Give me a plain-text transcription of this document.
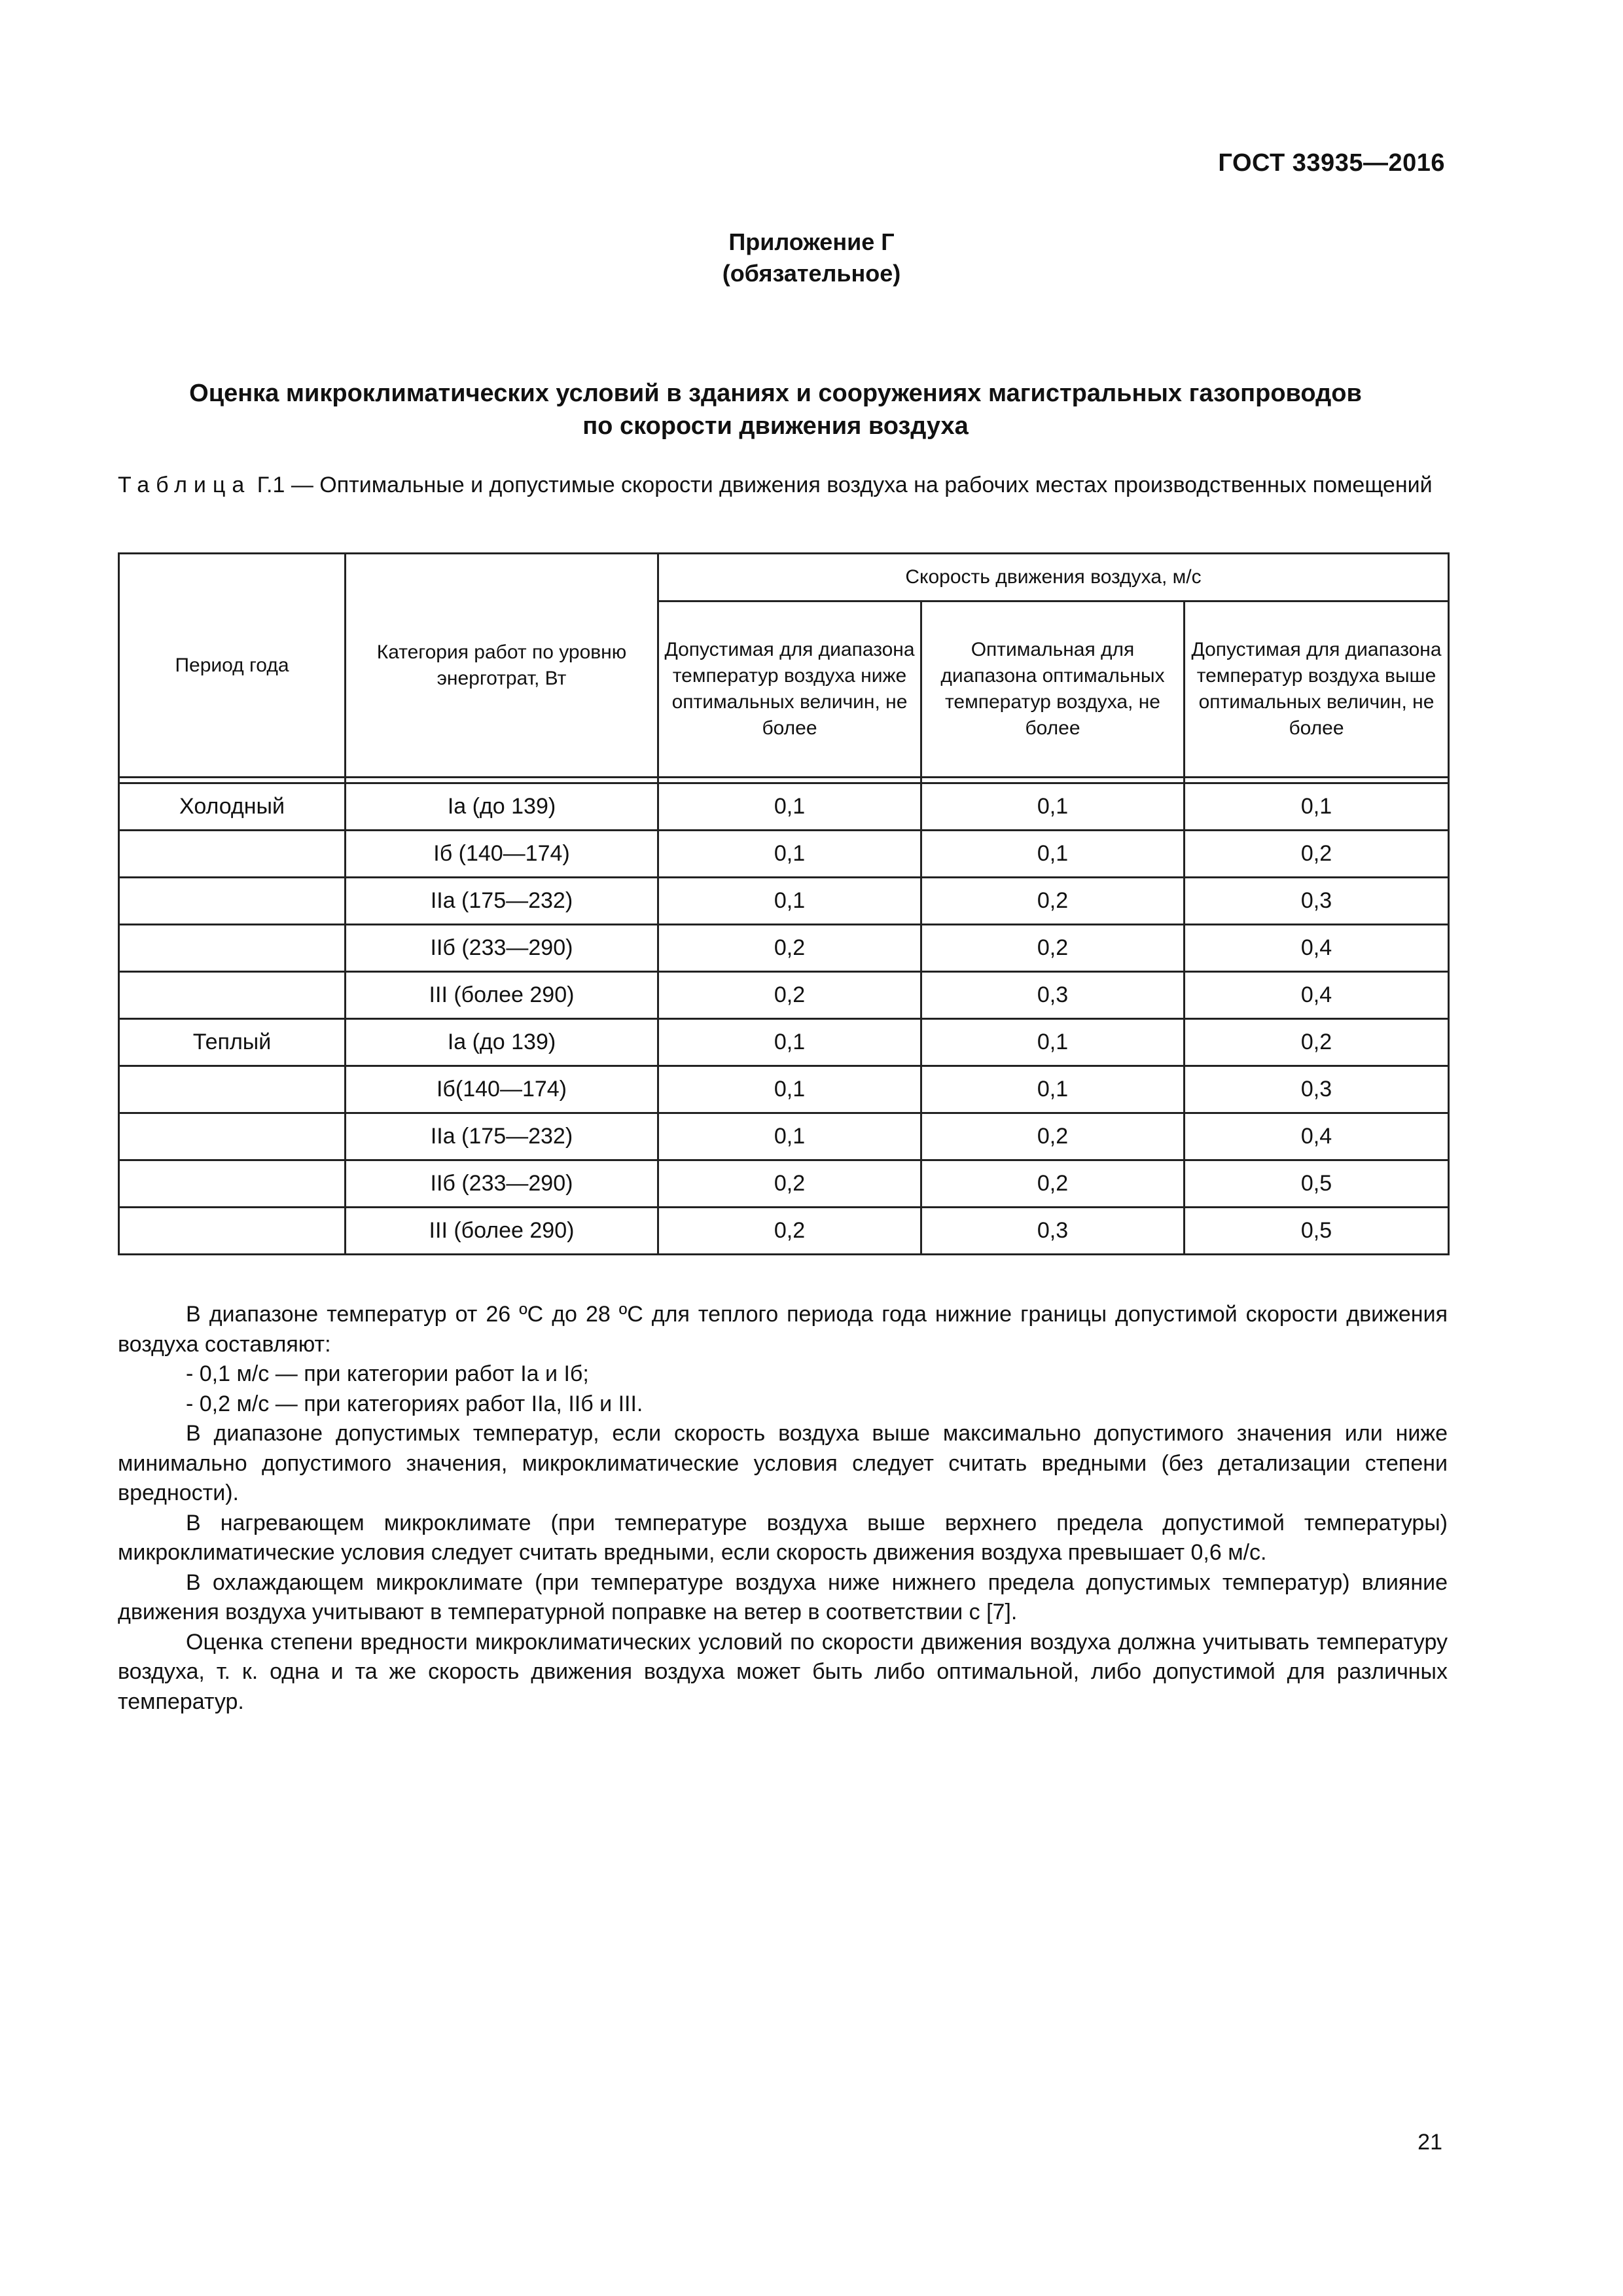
ГОСТ 33935—2016
Приложение Г
(обязательное)
Оценка микроклиматических условий в зданиях и сооружениях магистральных газопроводов
по скорости движения воздуха
Таблица Г.1 — Оптимальные и допустимые скорости движения воздуха на рабочих местах производственных помещений
Период года	Категория работ по уровню энерготрат, Вт	Скорость движения воздуха, м/с		
		Допустимая для диапазона температур воздуха ниже оптимальных величин, не более	Оптимальная для диапазона оптимальных температур воздуха, не более	Допустимая для диапазона температур воздуха выше оптимальных величин, не более

Холодный	Iа (до 139)	0,1	0,1	0,1
	Iб (140—174)	0,1	0,1	0,2
	IIа (175—232)	0,1	0,2	0,3
	IIб (233—290)	0,2	0,2	0,4
	III (более 290)	0,2	0,3	0,4
Теплый	Iа (до 139)	0,1	0,1	0,2
	Iб(140—174)	0,1	0,1	0,3
	IIа (175—232)	0,1	0,2	0,4
	IIб (233—290)	0,2	0,2	0,5
	III (более 290)	0,2	0,3	0,5

В диапазоне температур от 26 ºС до 28 ºС для теплого периода года нижние границы допустимой скорости движения воздуха составляют:

- 0,1 м/с — при категории работ Iа и Iб;

- 0,2 м/с — при категориях работ IIа, IIб и III.

В диапазоне допустимых температур, если скорость воздуха выше максимально допустимого значения или ниже минимально допустимого значения, микроклиматические условия следует считать вредными (без детализации степени вредности).

В нагревающем микроклимате (при температуре воздуха выше верхнего предела допустимой температуры) микроклиматические условия следует считать вредными, если скорость движения воздуха превышает 0,6 м/с.

В охлаждающем микроклимате (при температуре воздуха ниже нижнего предела допустимых температур) влияние движения воздуха учитывают в температурной поправке на ветер в соответствии с [7].

Оценка степени вредности микроклиматических условий по скорости движения воздуха должна учитывать температуру воздуха, т. к. одна и та же скорость движения воздуха может быть либо оптимальной, либо допустимой для различных температур.

21
